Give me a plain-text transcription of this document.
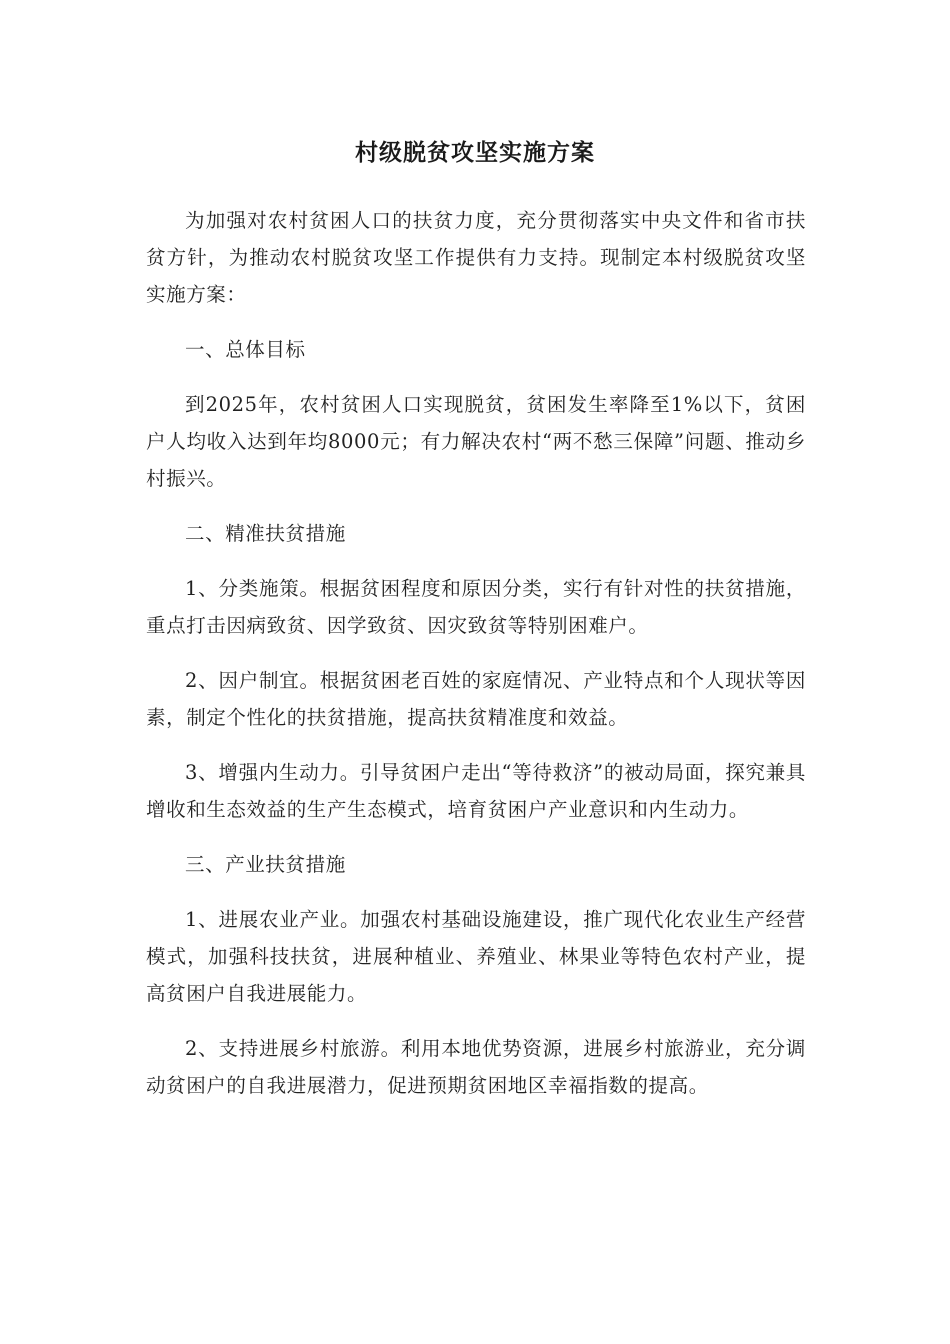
村级脱贫攻坚实施方案

为加强对农村贫困人口的扶贫力度，充分贯彻落实中央文件和省市扶贫方针，为推动农村脱贫攻坚工作提供有力支持。现制定本村级脱贫攻坚实施方案：

一、总体目标

到2025年，农村贫困人口实现脱贫，贫困发生率降至1%以下，贫困户人均收入达到年均8000元；有力解决农村“两不愁三保障”问题、推动乡村振兴。

二、精准扶贫措施

1、分类施策。根据贫困程度和原因分类，实行有针对性的扶贫措施，重点打击因病致贫、因学致贫、因灾致贫等特别困难户。

2、因户制宜。根据贫困老百姓的家庭情况、产业特点和个人现状等因素，制定个性化的扶贫措施，提高扶贫精准度和效益。

3、增强内生动力。引导贫困户走出“等待救济”的被动局面，探究兼具增收和生态效益的生产生态模式，培育贫困户产业意识和内生动力。

三、产业扶贫措施

1、进展农业产业。加强农村基础设施建设，推广现代化农业生产经营模式，加强科技扶贫，进展种植业、养殖业、林果业等特色农村产业，提高贫困户自我进展能力。

2、支持进展乡村旅游。利用本地优势资源，进展乡村旅游业，充分调动贫困户的自我进展潜力，促进预期贫困地区幸福指数的提高。
